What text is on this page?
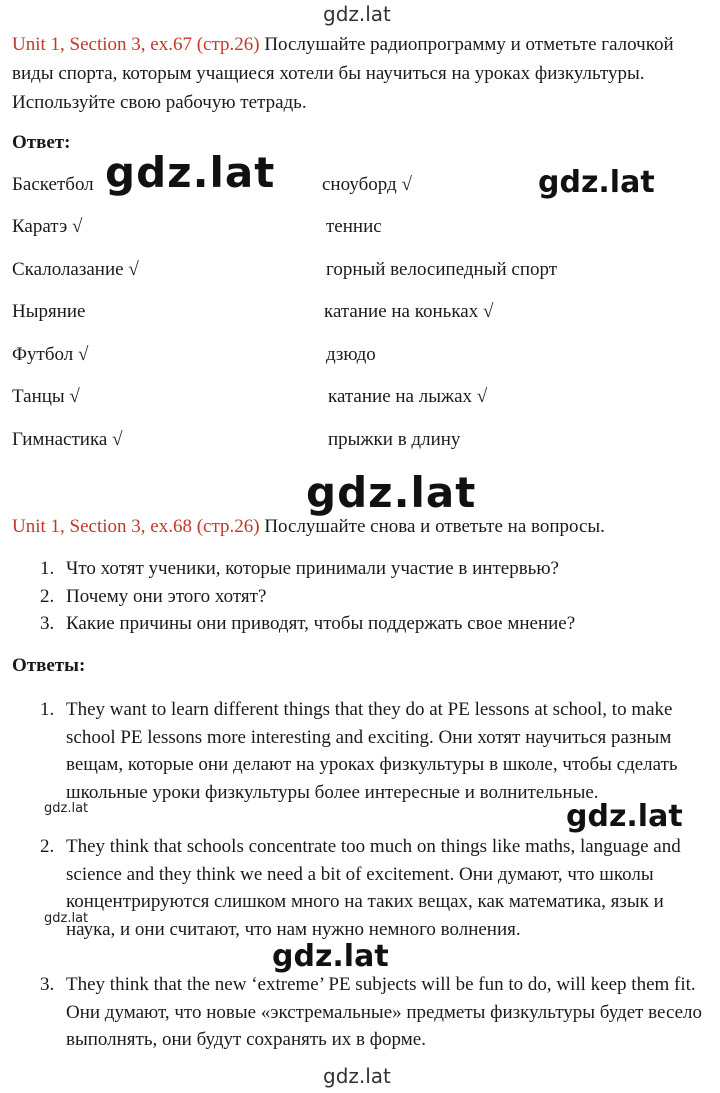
gdz.lat
gdz.lat	gdz.lat
gdz.lat
gdz.lat	gdz.lat
gdz.lat
gdz.lat
gdz.lat
Unit 1, Section 3, ex.67 (стр.26) Послушайте радиопрограмму и отметьте галочкой виды спорта, которым учащиеся хотели бы научиться на уроках физкультуры. Используйте свою рабочую тетрадь.
Ответ:
Баскетбол
Каратэ √
Скалолазание √
Ныряние
Футбол √
Танцы √
Гимнастика √
сноуборд √
теннис
горный велосипедный спорт
катание на коньках √
дзюдо
катание на лыжах √
прыжки в длину
Unit 1, Section 3, ex.68 (стр.26) Послушайте снова и ответьте на вопросы.
1. Что хотят ученики, которые принимали участие в интервью?
2. Почему они этого хотят?
3. Какие причины они приводят, чтобы поддержать свое мнение?
Ответы:
1. They want to learn different things that they do at PE lessons at school, to make school PE lessons more interesting and exciting. Они хотят научиться разным вещам, которые они делают на уроках физкультуры в школе, чтобы сделать школьные уроки физкультуры более интересные и волнительные.
2. They think that schools concentrate too much on things like maths, language and science and they think we need a bit of excitement. Они думают, что школы концентрируются слишком много на таких вещах, как математика, язык и наука, и они считают, что нам нужно немного волнения.
3. They think that the new ‘extreme’ PE subjects will be fun to do, will keep them fit. Они думают, что новые «экстремальные» предметы физкультуры будет весело выполнять, они будут сохранять их в форме.
